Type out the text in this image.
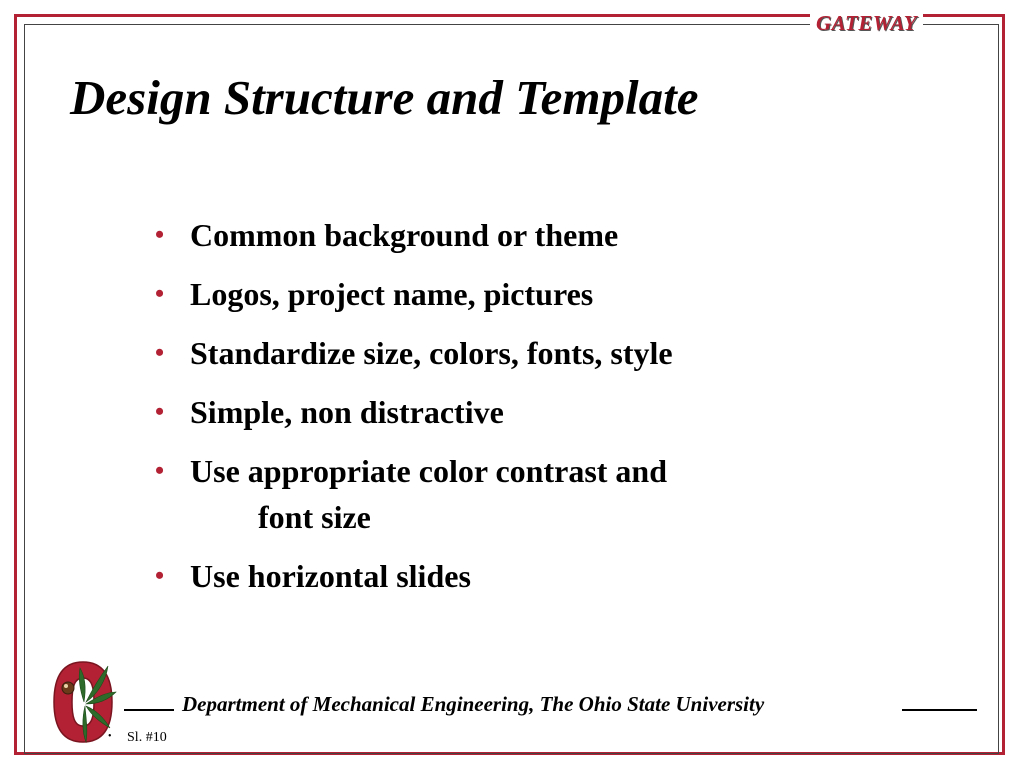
GATEWAY
Design Structure and Template
• Common background or theme
• Logos, project name, pictures
• Standardize size, colors, fonts, style
• Simple, non distractive
• Use appropriate color contrast and
font size
• Use horizontal slides
Department of Mechanical Engineering, The Ohio State University
• Sl. #10
